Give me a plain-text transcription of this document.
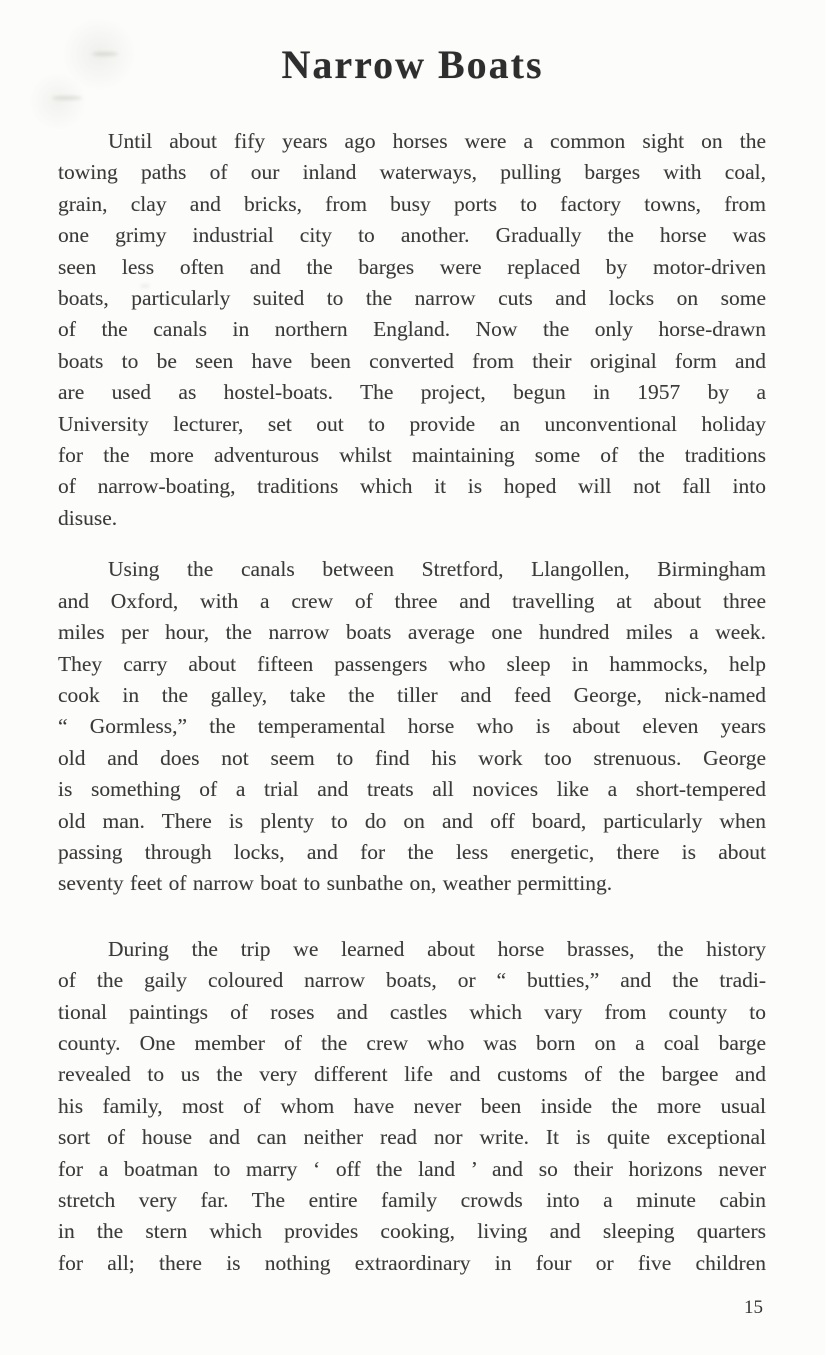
Narrow Boats
Until about fify years ago horses were a common sight on the
towing paths of our inland waterways, pulling barges with coal,
grain, clay and bricks, from busy ports to factory towns, from
one grimy industrial city to another. Gradually the horse was
seen less often and the barges were replaced by motor-driven
boats, particularly suited to the narrow cuts and locks on some
of the canals in northern England. Now the only horse-drawn
boats to be seen have been converted from their original form and
are used as hostel-boats. The project, begun in 1957 by a
University lecturer, set out to provide an unconventional holiday
for the more adventurous whilst maintaining some of the traditions
of narrow-boating, traditions which it is hoped will not fall into
disuse.
Using the canals between Stretford, Llangollen, Birmingham
and Oxford, with a crew of three and travelling at about three
miles per hour, the narrow boats average one hundred miles a week.
They carry about fifteen passengers who sleep in hammocks, help
cook in the galley, take the tiller and feed George, nick-named
“ Gormless,” the temperamental horse who is about eleven years
old and does not seem to find his work too strenuous. George
is something of a trial and treats all novices like a short-tempered
old man. There is plenty to do on and off board, particularly when
passing through locks, and for the less energetic, there is about
seventy feet of narrow boat to sunbathe on, weather permitting.
During the trip we learned about horse brasses, the history
of the gaily coloured narrow boats, or “ butties,” and the tradi-
tional paintings of roses and castles which vary from county to
county. One member of the crew who was born on a coal barge
revealed to us the very different life and customs of the bargee and
his family, most of whom have never been inside the more usual
sort of house and can neither read nor write. It is quite exceptional
for a boatman to marry ‘ off the land ’ and so their horizons never
stretch very far. The entire family crowds into a minute cabin
in the stern which provides cooking, living and sleeping quarters
for all; there is nothing extraordinary in four or five children
15
